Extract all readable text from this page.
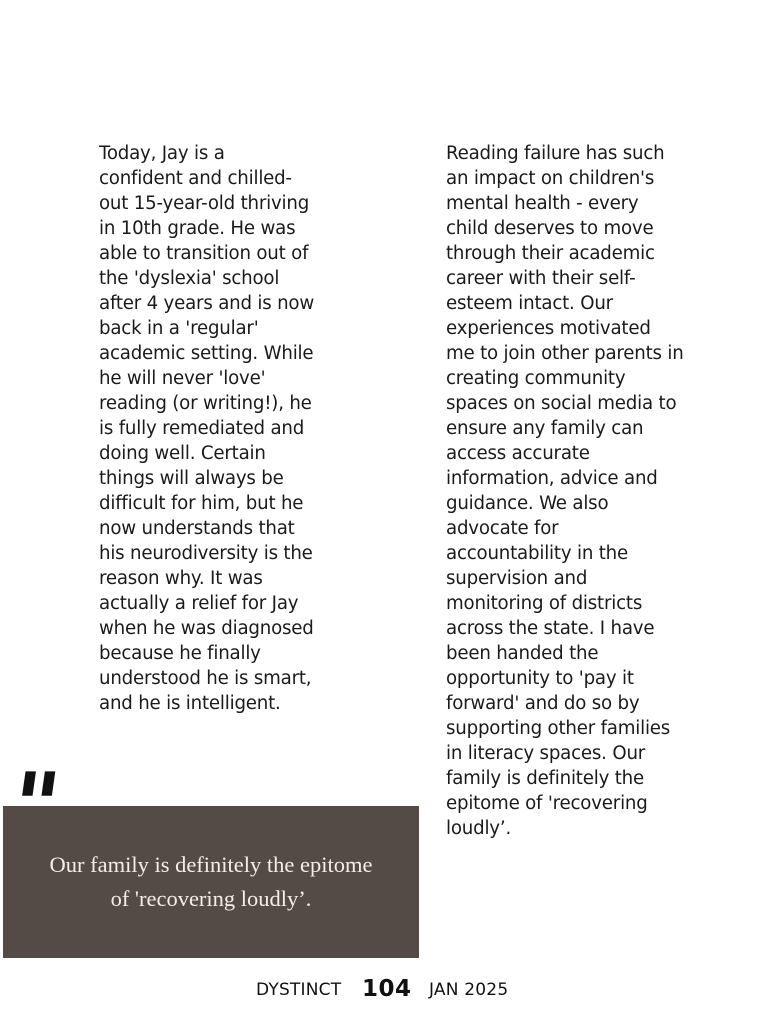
Today, Jay is a
confident and chilled-
out 15-year-old thriving
in 10th grade. He was
able to transition out of
the 'dyslexia' school
after 4 years and is now
back in a 'regular'
academic setting. While
he will never 'love'
reading (or writing!), he
is fully remediated and
doing well. Certain
things will always be
difficult for him, but he
now understands that
his neurodiversity is the
reason why. It was
actually a relief for Jay
when he was diagnosed
because he finally
understood he is smart,
and he is intelligent.
Reading failure has such
an impact on children's
mental health - every
child deserves to move
through their academic
career with their self-
esteem intact. Our
experiences motivated
me to join other parents in
creating community
spaces on social media to
ensure any family can
access accurate
information, advice and
guidance. We also
advocate for
accountability in the
supervision and
monitoring of districts
across the state. I have
been handed the
opportunity to 'pay it
forward' and do so by
supporting other families
in literacy spaces. Our
family is definitely the
epitome of 'recovering
loudly’.
"
Our family is definitely the epitome
of 'recovering loudly’.
DYSTINCT 104 JAN 2025
